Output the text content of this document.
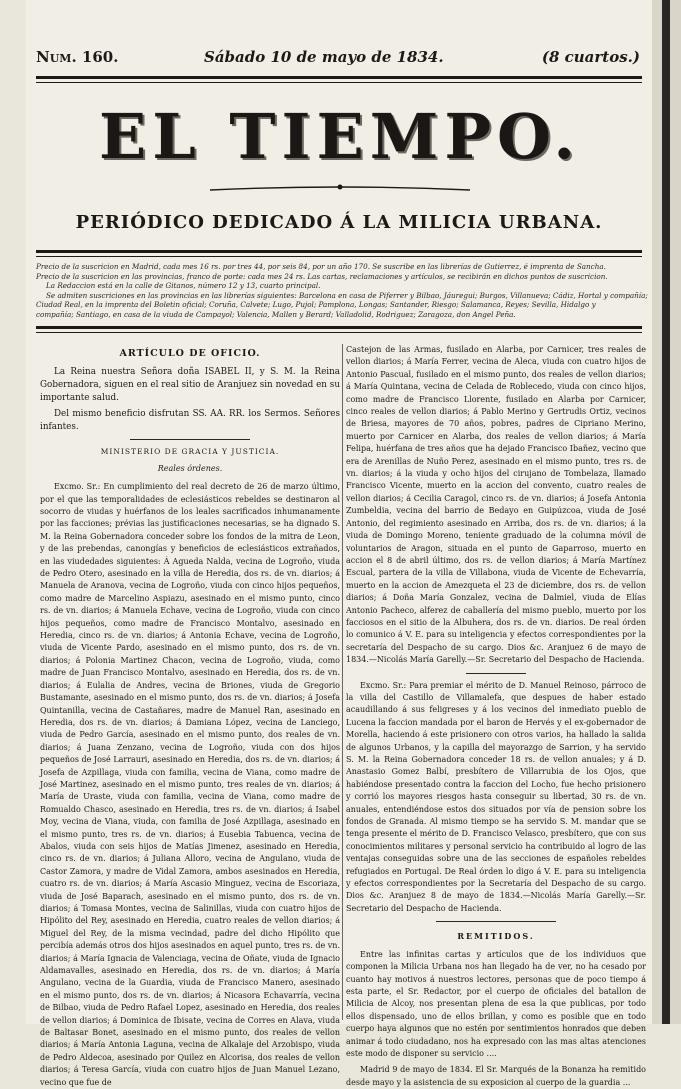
Num. 160.	Sábado 10 de mayo de 1834.	(8 cuartos.)
EL TIEMPO.
PERIÓDICO DEDICADO Á LA MILICIA URBANA.
Precio de la suscricion en Madrid, cada mes 16 rs. por tres 44, por seis 84, por un año 170. Se suscribe en las librerías de Gutierrez, é imprenta de Sancha.
Precio de la suscricion en las provincias, franco de porte: cada mes 24 rs. Las cartas, reclamaciones y artículos, se recibirán en dichos puntos de suscricion.
La Redaccion está en la calle de Gitanos, número 12 y 13, cuarto principal.
Se admiten suscriciones en las provincias en las librerías siguientes: Barcelona en casa de Piferrer y Bilbao, Jáuregui; Burgos, Villanueva; Cádiz, Hortal y compañía;
Ciudad Real, en la imprenta del Boletin oficial; Coruña, Calvete; Lugo, Pujol; Pamplona, Longas; Santander, Riesgo; Salamanca, Reyes; Sevilla, Hidalgo y
compañía; Santiago, en casa de la viuda de Campayol; Valencia, Mallen y Berard; Valladolid, Rodriguez; Zaragoza, don Angel Peña.
ARTÍCULO DE OFICIO.

La Reina nuestra Señora doña ISABEL II, y S. M. la Reina Gobernadora, siguen en el real sitio de Aranjuez sin novedad en su importante salud.

Del mismo beneficio disfrutan SS. AA. RR. los Sermos. Señores infantes.

MINISTERIO DE GRACIA Y JUSTICIA.
Reales órdenes.

Excmo. Sr.: En cumplimiento del real decreto de 26 de marzo último, por el que las temporalidades de eclesiásticos rebeldes se destinaron al socorro de viudas y huérfanos de los leales sacrificados inhumanamente por las facciones; prévias las justificaciones necesarias, se ha dignado S. M. la Reina Gobernadora conceder sobre los fondos de la mitra de Leon, y de las prebendas, canongías y beneficios de eclesiásticos extrañados, en las viudedades siguientes: Á Agueda Nalda, vecina de Logroño, viuda de Pedro Otero, asesinado en la villa de Heredia, dos rs. de vn. diarios; á Manuela de Aranova, vecina de Logroño, viuda con cinco hijos pequeños, como madre de Marcelino Aspiazu, asesinado en el mismo punto, cinco rs. de vn. diarios; á Manuela Echave, vecina de Logroño, viuda con cinco hijos pequeños, como madre de Francisco Montalvo, asesinado en Heredia, cinco rs. de vn. diarios; á Antonia Echave, vecina de Logroño, viuda de Vicente Pardo, asesinado en el mismo punto, dos rs. de vn. diarios; á Polonia Martinez Chacon, vecina de Logroño, viuda, como madre de Juan Francisco Montalvo, asesinado en Heredia, dos rs. de vn. diarios; á Eulalia de Andres, vecina de Briones, viuda de Gregorio Bustamante, asesinado en el mismo punto, dos rs. de vn. diarios; á Josefa Quintanilla, vecina de Castañares, madre de Manuel Ran, asesinado en Heredia, dos rs. de vn. diarios; á Damiana López, vecina de Lanciego, viuda de Pedro García, asesinado en el mismo punto, dos reales de vn. diarios; á Juana Zenzano, vecina de Logroño, viuda con dos hijos pequeños de José Larrauri, asesinado en Heredia, dos rs. de vn. diarios; á Josefa de Azpillaga, viuda con familia, vecina de Viana, como madre de José Martinez, asesinado en el mismo punto, tres reales de vn. diarios; á María de Uraste, viuda con familia, vecina de Viana, como madre de Romualdo Chasco, asesinado en Heredia, tres rs. de vn. diarios; á Isabel Moy, vecina de Viana, viuda, con familia de José Azpillaga, asesinado en el mismo punto, tres rs. de vn. diarios; á Eusebia Tabuenca, vecina de Abalos, viuda con seis hijos de Matías Jimenez, asesinado en Heredia, cinco rs. de vn. diarios; á Juliana Alloro, vecina de Angulano, viuda de Castor Zamora, y madre de Vidal Zamora, ambos asesinados en Heredia, cuatro rs. de vn. diarios; á María Ascasio Minguez, vecina de Escoriaza, viuda de José Baparach, asesinado en el mismo punto, dos rs. de vn. diarios; á Tomasa Montes, vecina de Salinillas, viuda con cuatro hijos de Hipólito del Rey, asesinado en Heredia, cuatro reales de vellon diarios; á Miguel del Rey, de la misma vecindad, padre del dicho Hipólito que percibía además otros dos hijos asesinados en aquel punto, tres rs. de vn. diarios; á María Ignacia de Valenciaga, vecina de Oñate, viuda de Ignacio Aldamavalles, asesinado en Heredia, dos rs. de vn. diarios; á María Angulano, vecina de la Guardia, viuda de Francisco Manero, asesinado en el mismo punto, dos rs. de vn. diarios; á Nicasora Echavarría, vecina de Bilbao, viuda de Pedro Rafael Lopez, asesinado en Heredia, dos reales de vellon diarios; á Dominica de Ibisate, vecina de Corres en Alava, viuda de Baltasar Bonet, asesinado en el mismo punto, dos reales de vellon diarios; á María Antonia Laguna, vecina de Alkalaje del Arzobispo, viuda de Pedro Aldecoa, asesinado por Quilez en Alcorisa, dos reales de vellon diarios; á Teresa García, viuda con cuatro hijos de Juan Manuel Lezano, vecino que fue de

Castejon de las Armas, fusilado en Alarba, por Carnicer, tres reales de vellon diarios; á María Ferrer, vecina de Aleca, viuda con cuatro hijos de Antonio Pascual, fusilado en el mismo punto, dos reales de vellon diarios; á María Quintana, vecina de Celada de Roblecedo, viuda con cinco hijos, como madre de Francisco Llorente, fusilado en Alarba por Carnicer, cinco reales de vellon diarios; á Pablo Merino y Gertrudis Ortiz, vecinos de Briesa, mayores de 70 años, pobres, padres de Cipriano Merino, muerto por Carnicer en Alarba, dos reales de vellon diarios; á María Felipa, huérfana de tres años que ha dejado Francisco Ibañez, vecino que era de Arenillas de Nuño Perez, asesinado en el mismo punto, tres rs. de vn. diarios; á la viuda y ocho hijos del cirujano de Tombelaza, llamado Francisco Vicente, muerto en la accion del convento, cuatro reales de vellon diarios; á Cecilia Caragol, cinco rs. de vn. diarios; á Josefa Antonia Zumbeldia, vecina del barrio de Bedayo en Guipúzcoa, viuda de José Antonio, del regimiento asesinado en Arriba, dos rs. de vn. diarios; á la viuda de Domingo Moreno, teniente graduado de la columna móvil de voluntarios de Aragon, situada en el punto de Gaparroso, muerto en accion el 8 de abril último, dos rs. de vellon diarios; á María Martínez Escual, partera de la villa de Villabona, viuda de Vicente de Echevarría, muerto en la accion de Amezqueta el 23 de diciembre, dos rs. de vellon diarios; á Doña María Gonzalez, vecina de Dalmiel, viuda de Elías Antonio Pacheco, alferez de caballería del mismo pueblo, muerto por los facciosos en el sitio de la Albuhera, dos rs. de vn. diarios. De real órden lo comunico á V. E. para su inteligencia y efectos correspondientes por la secretaría del Despacho de su cargo. Dios &c. Aranjuez 6 de mayo de 1834.—Nicolás María Garelly.—Sr. Secretario del Despacho de Hacienda.

Excmo. Sr.: Para premiar el mérito de D. Manuel Reinoso, párroco de la villa del Castillo de Villamalefa, que despues de haber estado acaudillando á sus feligreses y á los vecinos del inmediato pueblo de Lucena la faccion mandada por el baron de Hervés y el ex-gobernador de Morella, haciendo á este prisionero con otros varios, ha hallado la salida de algunos Urbanos, y la capilla del mayorazgo de Sarrion, y ha servido S. M. la Reina Gobernadora conceder 18 rs. de vellon anuales; y á D. Anastasio Gomez Balbí, presbítero de Villarrubia de los Ojos, que habiéndose presentado contra la faccion del Locho, fue hecho prisionero y corrió los mayores riesgos hasta conseguir su libertad, 30 rs. de vn. anuales, entendiéndose estos dos situados por vía de pension sobre los fondos de Granada. Al mismo tiempo se ha servido S. M. mandar que se tenga presente el mérito de D. Francisco Velasco, presbítero, que con sus conocimientos militares y personal servicio ha contribuido al logro de las ventajas conseguidas sobre una de las secciones de españoles rebeldes refugiados en Portugal. De Real órden lo digo á V. E. para su inteligencia y efectos correspondientes por la Secretaría del Despacho de su cargo. Dios &c. Aranjuez 8 de mayo de 1834.—Nicolás María Garelly.—Sr. Secretario del Despacho de Hacienda.

REMITIDOS.

Entre las infinitas cartas y artículos que de los individuos que componen la Milicia Urbana nos han llegado ha de ver, no ha cesado por cuanto hay motivos á nuestros lectores, personas que de poco tiempo á esta parte, el Sr. Redactor, por el cuerpo de oficiales del batallon de Milicia de Alcoy, nos presentan plena de esa la que publicas, por todo ellos dispensado, uno de ellos brillan, y como es posible que en todo cuerpo haya algunos que no estén por sentimientos honrados que deben animar á todo ciudadano, nos ha expresado con las mas altas atenciones este modo de disponer su servicio ....

Madrid 9 de mayo de 1834. El Sr. Marqués de la Bonanza ha remitido desde mayo y la asistencia de su exposicion al cuerpo de la guardia ...
